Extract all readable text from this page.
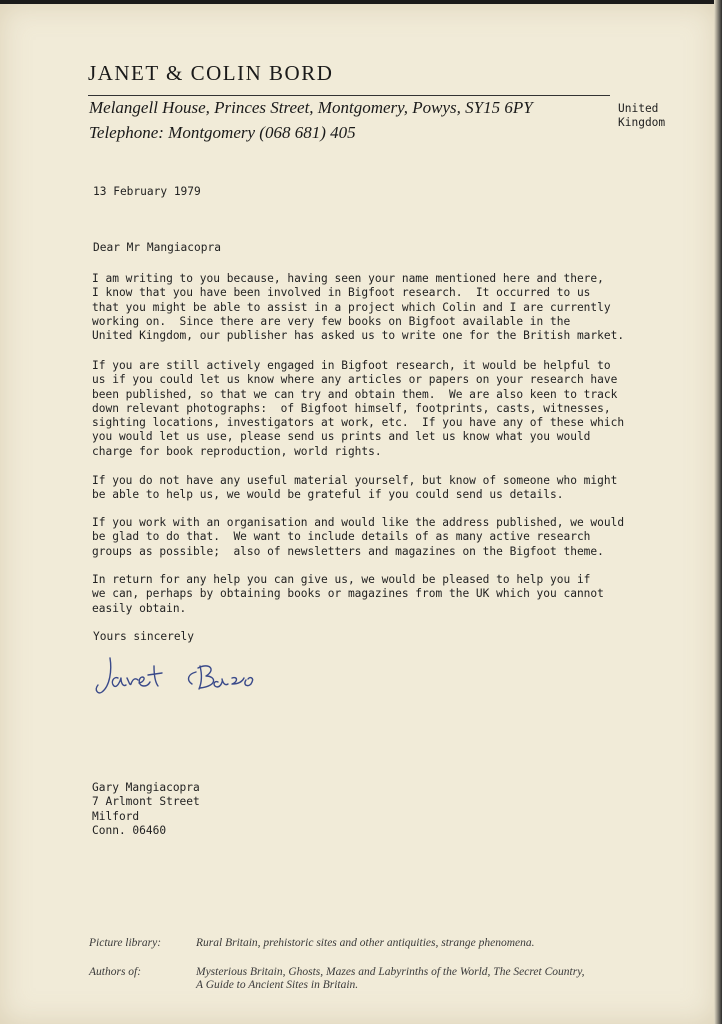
JANET & COLIN BORD
Melangell House, Princes Street, Montgomery, Powys, SY15 6PY
Telephone: Montgomery (068 681) 405
United
Kingdom
13 February 1979
Dear Mr Mangiacopra
I am writing to you because, having seen your name mentioned here and there,
I know that you have been involved in Bigfoot research.  It occurred to us
that you might be able to assist in a project which Colin and I are currently
working on.  Since there are very few books on Bigfoot available in the
United Kingdom, our publisher has asked us to write one for the British market.
If you are still actively engaged in Bigfoot research, it would be helpful to
us if you could let us know where any articles or papers on your research have
been published, so that we can try and obtain them.  We are also keen to track
down relevant photographs:  of Bigfoot himself, footprints, casts, witnesses,
sighting locations, investigators at work, etc.  If you have any of these which
you would let us use, please send us prints and let us know what you would
charge for book reproduction, world rights.
If you do not have any useful material yourself, but know of someone who might
be able to help us, we would be grateful if you could send us details.
If you work with an organisation and would like the address published, we would
be glad to do that.  We want to include details of as many active research
groups as possible;  also of newsletters and magazines on the Bigfoot theme.
In return for any help you can give us, we would be pleased to help you if
we can, perhaps by obtaining books or magazines from the UK which you cannot
easily obtain.
Yours sincerely
Gary Mangiacopra
7 Arlmont Street
Milford
Conn. 06460
Picture library:	Rural Britain, prehistoric sites and other antiquities, strange phenomena.
Authors of:	Mysterious Britain, Ghosts, Mazes and Labyrinths of the World, The Secret Country,
A Guide to Ancient Sites in Britain.
